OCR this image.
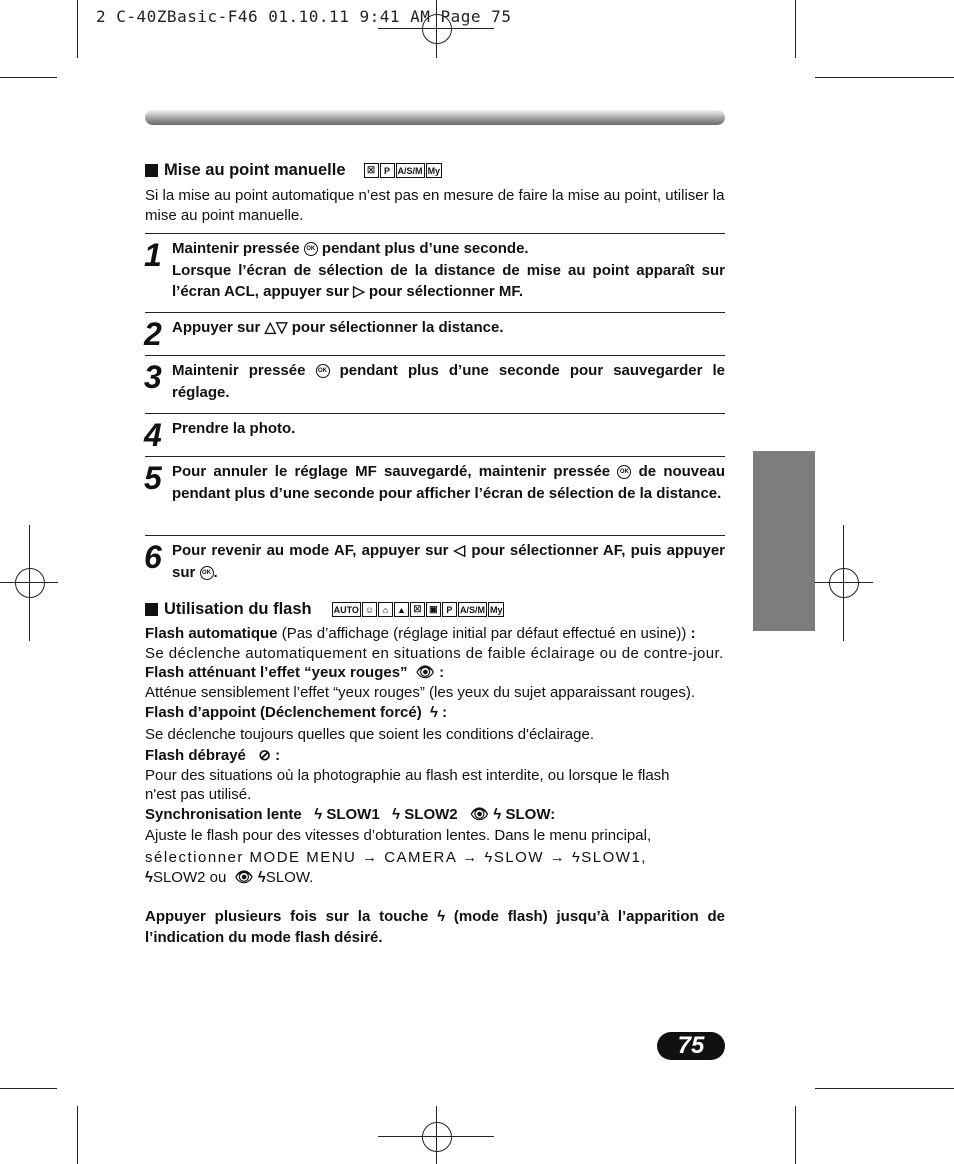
2 C-40ZBasic-F46 01.10.11 9:41 AM Page 75
Mise au point manuelle	☒ P A/S/M My

Si la mise au point automatique n’est pas en mesure de faire la mise au point, utiliser la mise au point manuelle.

1 Maintenir pressée OK pendant plus d’une seconde.
Lorsque l’écran de sélection de la distance de mise au point apparaît sur l’écran ACL, appuyer sur ▷ pour sélectionner MF.
2 Appuyer sur △▽ pour sélectionner la distance.
3 Maintenir pressée OK pendant plus d’une seconde pour sauvegarder le réglage.
4 Prendre la photo.
5 Pour annuler le réglage MF sauvegardé, maintenir pressée OK de nouveau pendant plus d’une seconde pour afficher l’écran de sélection de la distance.
6 Pour revenir au mode AF, appuyer sur ◁ pour sélectionner AF, puis appuyer sur OK .
Utilisation du flash AUTO ☺ ⌂ ▲ ☒ ▣ P A/S/M My

Flash automatique (Pas d’affichage (réglage initial par défaut effectué en usine)) :

Se déclenche automatiquement en situations de faible éclairage ou de contre-jour.

Flash atténuant l’effet “yeux rouges”  👁 :

Atténue sensiblement l’effet “yeux rouges” (les yeux du sujet apparaissant rouges).

Flash d’appoint (Déclenchement forcé)  ϟ :

Se déclenche toujours quelles que soient les conditions d'éclairage.

Flash débrayé   ⊘ :

Pour des situations où la photographie au flash est interdite, ou lorsque le flash n'est pas utilisé.

Synchronisation lente   ϟ SLOW1   ϟ SLOW2   👁 ϟ SLOW:

Ajuste le flash pour des vitesses d’obturation lentes. Dans le menu principal,

sélectionner MODE MENU → CAMERA → ϟSLOW → ϟSLOW1,

ϟSLOW2 ou  👁 ϟSLOW.

Appuyer plusieurs fois sur la touche ϟ (mode flash) jusqu’à l’apparition de l’indication du mode flash désiré.

75
